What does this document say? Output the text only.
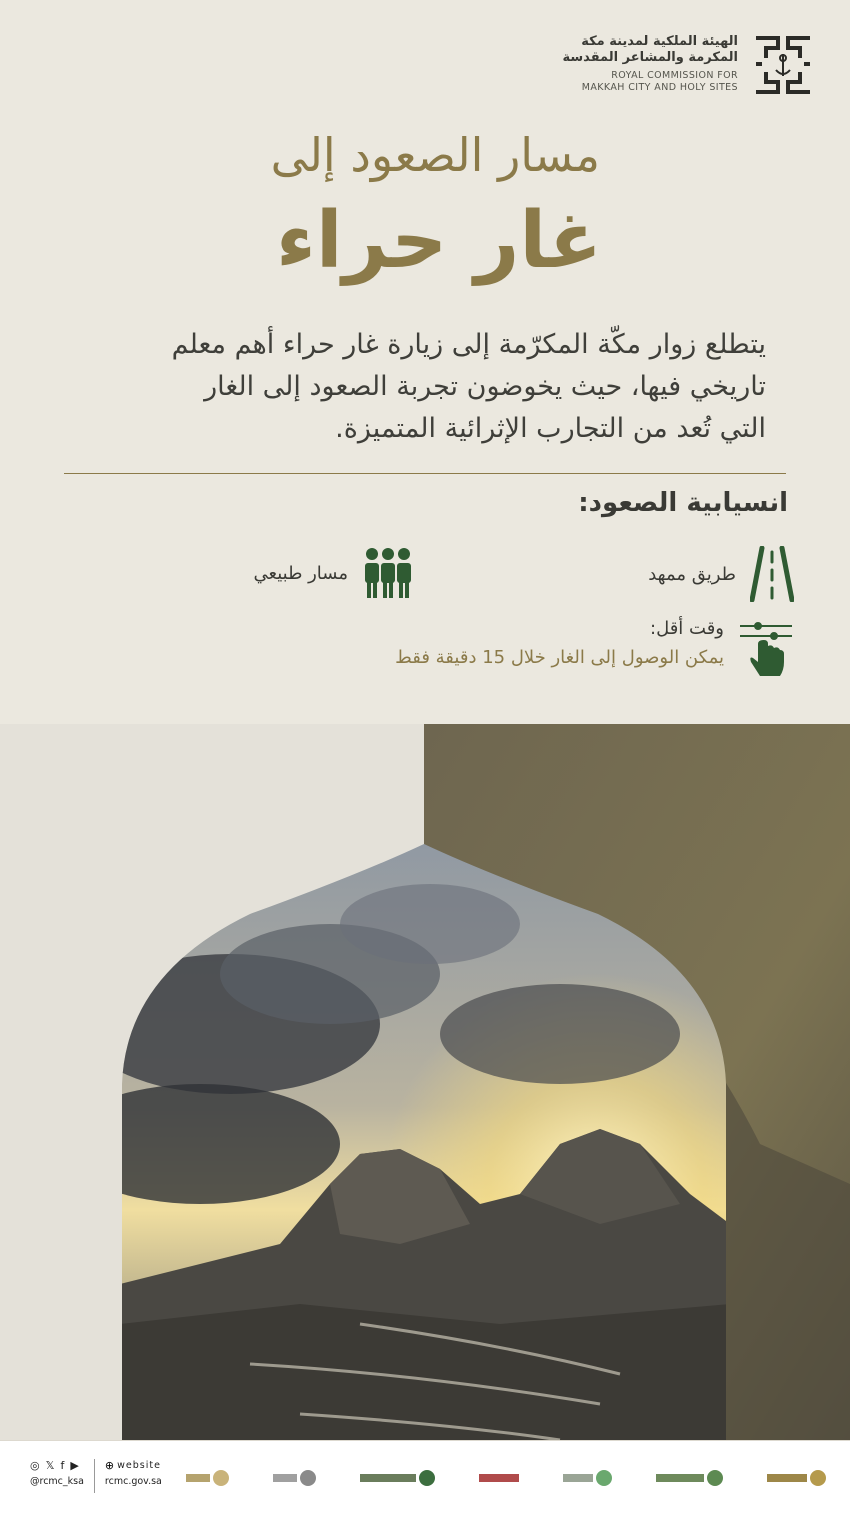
الهيئة الملكية لمدينة مكة
المكرمة والمشاعر المقدسة
ROYAL COMMISSION FOR
MAKKAH CITY AND HOLY SITES
مسار الصعود إلى
غار حراء
يتطلع زوار مكّة المكرّمة إلى زيارة غار حراء أهم معلم
تاريخي فيها، حيث يخوضون تجربة الصعود إلى الغار
التي تُعد من التجارب الإثرائية المتميزة.
انسيابية الصعود:
طريق ممهد
مسار طبيعي
وقت أقل:
يمكن الوصول إلى الغار خلال 15 دقيقة فقط
◎ 𝕏 f ▶
@rcmc_ksa
⊕ website
rcmc.gov.sa
